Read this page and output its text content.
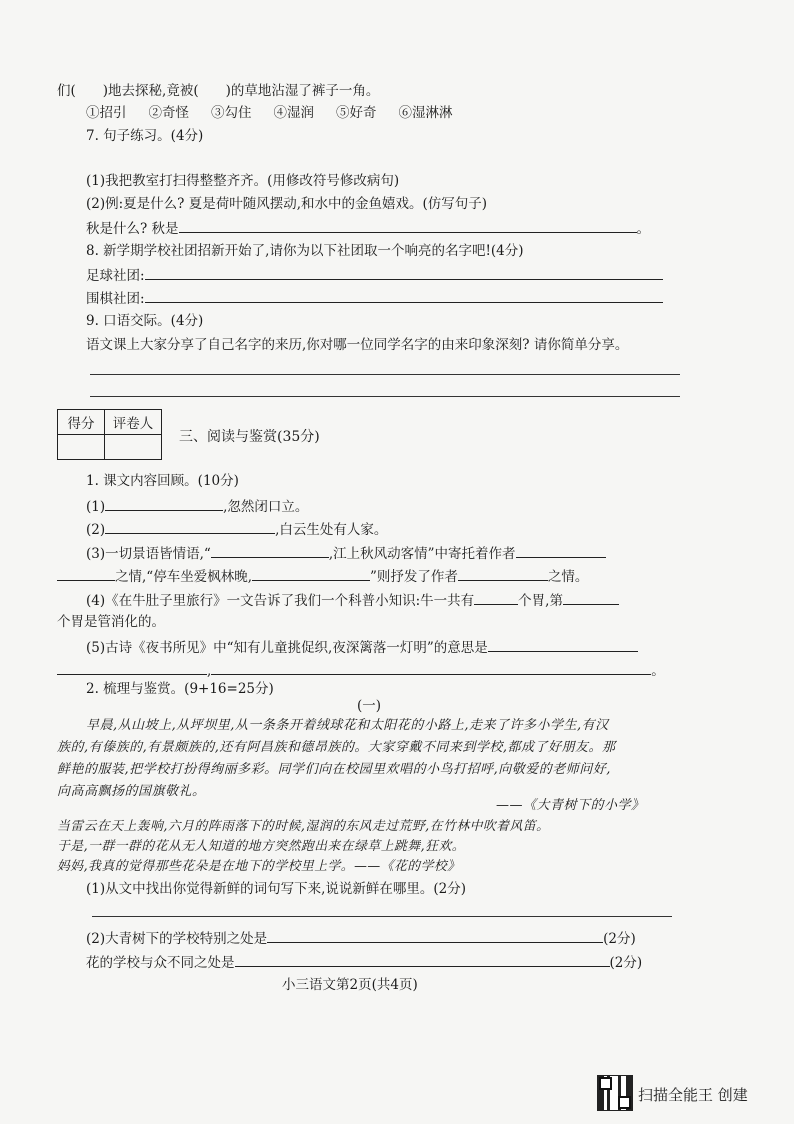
们(　　)地去探秘,竟被(　　)的草地沾湿了裤子一角。
①招引 ②奇怪 ③勾住 ④湿润 ⑤好奇 ⑥湿淋淋
7. 句子练习。(4分)
(1)我把教室打扫得整整齐齐。(用修改符号修改病句)
(2)例:夏是什么? 夏是荷叶随风摆动,和水中的金鱼嬉戏。(仿写句子)
秋是什么? 秋是	。
8. 新学期学校社团招新开始了,请你为以下社团取一个响亮的名字吧!(4分)
足球社团:
围棋社团:
9. 口语交际。(4分)
语文课上大家分享了自己名字的来历,你对哪一位同学名字的由来印象深刻? 请你简单分享。
得分	评卷人

三、阅读与鉴赏(35分)
1. 课文内容回顾。(10分)
(1)	,忽然闭口立。
(2)	,白云生处有人家。
(3)一切景语皆情语,“	,江上秋风动客情”中寄托着作者
之情,“停车坐爱枫林晚,	”则抒发了作者	之情。
(4)《在牛肚子里旅行》一文告诉了我们一个科普小知识:牛一共有	个胃,第
个胃是管消化的。
(5)古诗《夜书所见》中“知有儿童挑促织,夜深篱落一灯明”的意思是
,	。
2. 梳理与鉴赏。(9+16=25分)
(一)
早晨,从山坡上,从坪坝里,从一条条开着绒球花和太阳花的小路上,走来了许多小学生,有汉
族的,有傣族的,有景颇族的,还有阿昌族和德昂族的。大家穿戴不同来到学校,都成了好朋友。那
鲜艳的服装,把学校打扮得绚丽多彩。同学们向在校园里欢唱的小鸟打招呼,向敬爱的老师问好,
向高高飘扬的国旗敬礼。
——《大青树下的小学》
当雷云在天上轰响,六月的阵雨落下的时候,湿润的东风走过荒野,在竹林中吹着风笛。
于是,一群一群的花从无人知道的地方突然跑出来在绿草上跳舞,狂欢。
妈妈,我真的觉得那些花朵是在地下的学校里上学。——《花的学校》
(1)从文中找出你觉得新鲜的词句写下来,说说新鲜在哪里。(2分)
(2)大青树下的学校特别之处是	(2分)
花的学校与众不同之处是	(2分)
小三语文第2页(共4页)
扫描全能王 创建
